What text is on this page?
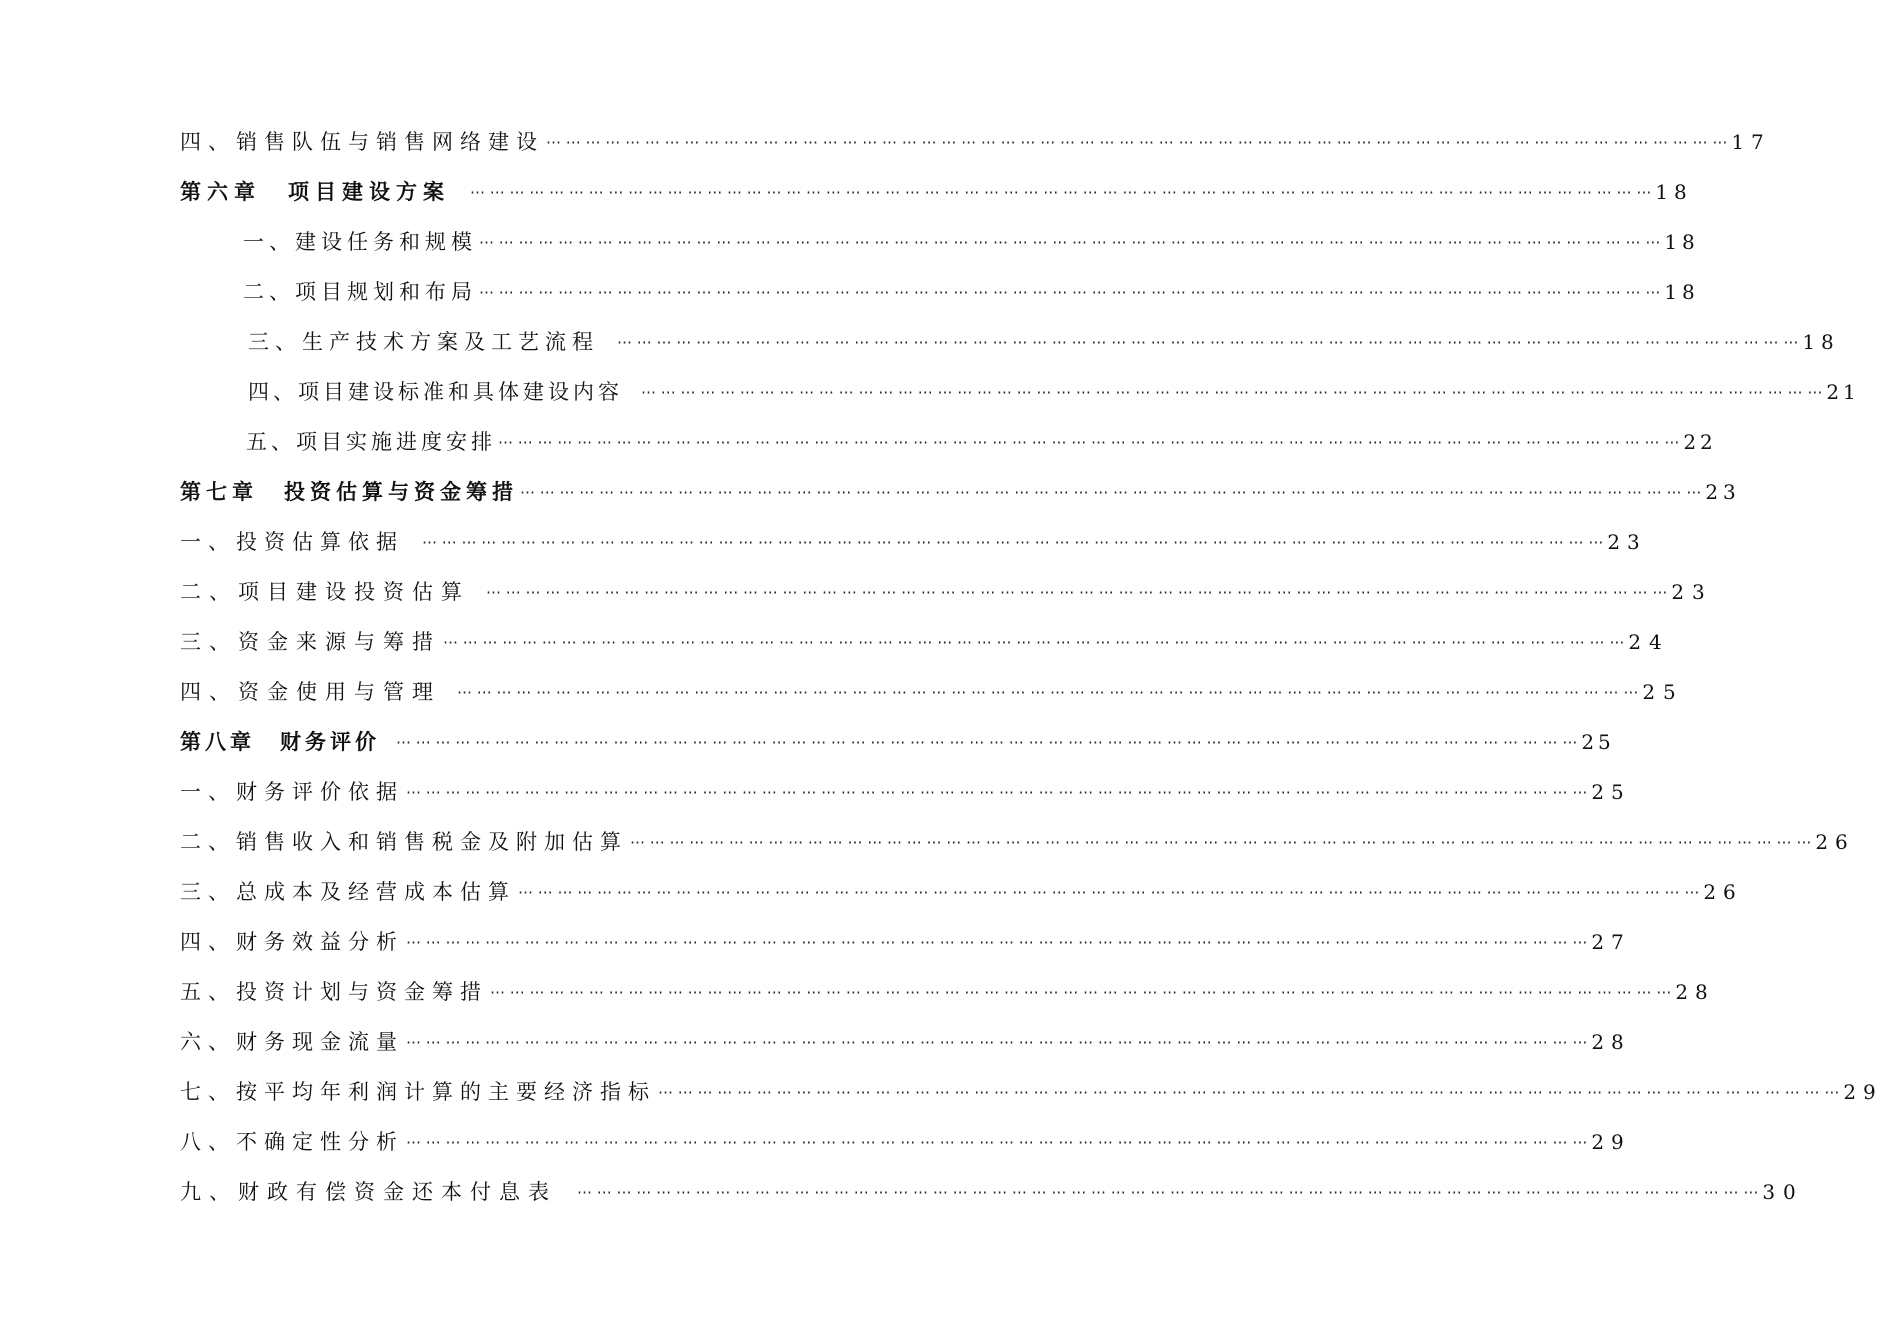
四、销售队伍与销售网络建设 ⋯ ⋯ ⋯ ⋯ ⋯ ⋯ ⋯ ⋯ ⋯ ⋯ ⋯ ⋯ ⋯ ⋯ ⋯ ⋯ ⋯ ⋯ ⋯ ⋯ ⋯ ⋯ ⋯ ⋯ ⋯ ⋯ ⋯ ⋯ ⋯ ⋯ ⋯ ⋯ ⋯ ⋯ ⋯ ⋯ ⋯ ⋯ ⋯ ⋯ ⋯ ⋯ ⋯ ⋯ ⋯ ⋯ ⋯ ⋯ ⋯ ⋯ ⋯ ⋯ ⋯ ⋯ ⋯ ⋯ ⋯ ⋯ ⋯ ⋯ 17
第六章　项目建设方案 ⋯ ⋯ ⋯ ⋯ ⋯ ⋯ ⋯ ⋯ ⋯ ⋯ ⋯ ⋯ ⋯ ⋯ ⋯ ⋯ ⋯ ⋯ ⋯ ⋯ ⋯ ⋯ ⋯ ⋯ ⋯ ⋯ ⋯ ⋯ ⋯ ⋯ ⋯ ⋯ ⋯ ⋯ ⋯ ⋯ ⋯ ⋯ ⋯ ⋯ ⋯ ⋯ ⋯ ⋯ ⋯ ⋯ ⋯ ⋯ ⋯ ⋯ ⋯ ⋯ ⋯ ⋯ ⋯ ⋯ ⋯ ⋯ ⋯ ⋯ 18
一、建设任务和规模 ⋯ ⋯ ⋯ ⋯ ⋯ ⋯ ⋯ ⋯ ⋯ ⋯ ⋯ ⋯ ⋯ ⋯ ⋯ ⋯ ⋯ ⋯ ⋯ ⋯ ⋯ ⋯ ⋯ ⋯ ⋯ ⋯ ⋯ ⋯ ⋯ ⋯ ⋯ ⋯ ⋯ ⋯ ⋯ ⋯ ⋯ ⋯ ⋯ ⋯ ⋯ ⋯ ⋯ ⋯ ⋯ ⋯ ⋯ ⋯ ⋯ ⋯ ⋯ ⋯ ⋯ ⋯ ⋯ ⋯ ⋯ ⋯ ⋯ ⋯ 18
二、项目规划和布局 ⋯ ⋯ ⋯ ⋯ ⋯ ⋯ ⋯ ⋯ ⋯ ⋯ ⋯ ⋯ ⋯ ⋯ ⋯ ⋯ ⋯ ⋯ ⋯ ⋯ ⋯ ⋯ ⋯ ⋯ ⋯ ⋯ ⋯ ⋯ ⋯ ⋯ ⋯ ⋯ ⋯ ⋯ ⋯ ⋯ ⋯ ⋯ ⋯ ⋯ ⋯ ⋯ ⋯ ⋯ ⋯ ⋯ ⋯ ⋯ ⋯ ⋯ ⋯ ⋯ ⋯ ⋯ ⋯ ⋯ ⋯ ⋯ ⋯ ⋯ 18
三、生产技术方案及工艺流程 ⋯ ⋯ ⋯ ⋯ ⋯ ⋯ ⋯ ⋯ ⋯ ⋯ ⋯ ⋯ ⋯ ⋯ ⋯ ⋯ ⋯ ⋯ ⋯ ⋯ ⋯ ⋯ ⋯ ⋯ ⋯ ⋯ ⋯ ⋯ ⋯ ⋯ ⋯ ⋯ ⋯ ⋯ ⋯ ⋯ ⋯ ⋯ ⋯ ⋯ ⋯ ⋯ ⋯ ⋯ ⋯ ⋯ ⋯ ⋯ ⋯ ⋯ ⋯ ⋯ ⋯ ⋯ ⋯ ⋯ ⋯ ⋯ ⋯ ⋯ 18
四、项目建设标准和具体建设内容 ⋯ ⋯ ⋯ ⋯ ⋯ ⋯ ⋯ ⋯ ⋯ ⋯ ⋯ ⋯ ⋯ ⋯ ⋯ ⋯ ⋯ ⋯ ⋯ ⋯ ⋯ ⋯ ⋯ ⋯ ⋯ ⋯ ⋯ ⋯ ⋯ ⋯ ⋯ ⋯ ⋯ ⋯ ⋯ ⋯ ⋯ ⋯ ⋯ ⋯ ⋯ ⋯ ⋯ ⋯ ⋯ ⋯ ⋯ ⋯ ⋯ ⋯ ⋯ ⋯ ⋯ ⋯ ⋯ ⋯ ⋯ ⋯ ⋯ ⋯ 21
五、项目实施进度安排 ⋯ ⋯ ⋯ ⋯ ⋯ ⋯ ⋯ ⋯ ⋯ ⋯ ⋯ ⋯ ⋯ ⋯ ⋯ ⋯ ⋯ ⋯ ⋯ ⋯ ⋯ ⋯ ⋯ ⋯ ⋯ ⋯ ⋯ ⋯ ⋯ ⋯ ⋯ ⋯ ⋯ ⋯ ⋯ ⋯ ⋯ ⋯ ⋯ ⋯ ⋯ ⋯ ⋯ ⋯ ⋯ ⋯ ⋯ ⋯ ⋯ ⋯ ⋯ ⋯ ⋯ ⋯ ⋯ ⋯ ⋯ ⋯ ⋯ ⋯ 22
第七章　投资估算与资金筹措 ⋯ ⋯ ⋯ ⋯ ⋯ ⋯ ⋯ ⋯ ⋯ ⋯ ⋯ ⋯ ⋯ ⋯ ⋯ ⋯ ⋯ ⋯ ⋯ ⋯ ⋯ ⋯ ⋯ ⋯ ⋯ ⋯ ⋯ ⋯ ⋯ ⋯ ⋯ ⋯ ⋯ ⋯ ⋯ ⋯ ⋯ ⋯ ⋯ ⋯ ⋯ ⋯ ⋯ ⋯ ⋯ ⋯ ⋯ ⋯ ⋯ ⋯ ⋯ ⋯ ⋯ ⋯ ⋯ ⋯ ⋯ ⋯ ⋯ ⋯ 23
一、投资估算依据 ⋯ ⋯ ⋯ ⋯ ⋯ ⋯ ⋯ ⋯ ⋯ ⋯ ⋯ ⋯ ⋯ ⋯ ⋯ ⋯ ⋯ ⋯ ⋯ ⋯ ⋯ ⋯ ⋯ ⋯ ⋯ ⋯ ⋯ ⋯ ⋯ ⋯ ⋯ ⋯ ⋯ ⋯ ⋯ ⋯ ⋯ ⋯ ⋯ ⋯ ⋯ ⋯ ⋯ ⋯ ⋯ ⋯ ⋯ ⋯ ⋯ ⋯ ⋯ ⋯ ⋯ ⋯ ⋯ ⋯ ⋯ ⋯ ⋯ ⋯ 23
二、项目建设投资估算 ⋯ ⋯ ⋯ ⋯ ⋯ ⋯ ⋯ ⋯ ⋯ ⋯ ⋯ ⋯ ⋯ ⋯ ⋯ ⋯ ⋯ ⋯ ⋯ ⋯ ⋯ ⋯ ⋯ ⋯ ⋯ ⋯ ⋯ ⋯ ⋯ ⋯ ⋯ ⋯ ⋯ ⋯ ⋯ ⋯ ⋯ ⋯ ⋯ ⋯ ⋯ ⋯ ⋯ ⋯ ⋯ ⋯ ⋯ ⋯ ⋯ ⋯ ⋯ ⋯ ⋯ ⋯ ⋯ ⋯ ⋯ ⋯ ⋯ ⋯ 23
三、资金来源与筹措 ⋯ ⋯ ⋯ ⋯ ⋯ ⋯ ⋯ ⋯ ⋯ ⋯ ⋯ ⋯ ⋯ ⋯ ⋯ ⋯ ⋯ ⋯ ⋯ ⋯ ⋯ ⋯ ⋯ ⋯ ⋯ ⋯ ⋯ ⋯ ⋯ ⋯ ⋯ ⋯ ⋯ ⋯ ⋯ ⋯ ⋯ ⋯ ⋯ ⋯ ⋯ ⋯ ⋯ ⋯ ⋯ ⋯ ⋯ ⋯ ⋯ ⋯ ⋯ ⋯ ⋯ ⋯ ⋯ ⋯ ⋯ ⋯ ⋯ ⋯ 24
四、资金使用与管理 ⋯ ⋯ ⋯ ⋯ ⋯ ⋯ ⋯ ⋯ ⋯ ⋯ ⋯ ⋯ ⋯ ⋯ ⋯ ⋯ ⋯ ⋯ ⋯ ⋯ ⋯ ⋯ ⋯ ⋯ ⋯ ⋯ ⋯ ⋯ ⋯ ⋯ ⋯ ⋯ ⋯ ⋯ ⋯ ⋯ ⋯ ⋯ ⋯ ⋯ ⋯ ⋯ ⋯ ⋯ ⋯ ⋯ ⋯ ⋯ ⋯ ⋯ ⋯ ⋯ ⋯ ⋯ ⋯ ⋯ ⋯ ⋯ ⋯ ⋯ 25
第八章　财务评价 ⋯ ⋯ ⋯ ⋯ ⋯ ⋯ ⋯ ⋯ ⋯ ⋯ ⋯ ⋯ ⋯ ⋯ ⋯ ⋯ ⋯ ⋯ ⋯ ⋯ ⋯ ⋯ ⋯ ⋯ ⋯ ⋯ ⋯ ⋯ ⋯ ⋯ ⋯ ⋯ ⋯ ⋯ ⋯ ⋯ ⋯ ⋯ ⋯ ⋯ ⋯ ⋯ ⋯ ⋯ ⋯ ⋯ ⋯ ⋯ ⋯ ⋯ ⋯ ⋯ ⋯ ⋯ ⋯ ⋯ ⋯ ⋯ ⋯ ⋯ 25
一、财务评价依据 ⋯ ⋯ ⋯ ⋯ ⋯ ⋯ ⋯ ⋯ ⋯ ⋯ ⋯ ⋯ ⋯ ⋯ ⋯ ⋯ ⋯ ⋯ ⋯ ⋯ ⋯ ⋯ ⋯ ⋯ ⋯ ⋯ ⋯ ⋯ ⋯ ⋯ ⋯ ⋯ ⋯ ⋯ ⋯ ⋯ ⋯ ⋯ ⋯ ⋯ ⋯ ⋯ ⋯ ⋯ ⋯ ⋯ ⋯ ⋯ ⋯ ⋯ ⋯ ⋯ ⋯ ⋯ ⋯ ⋯ ⋯ ⋯ ⋯ ⋯ 25
二、销售收入和销售税金及附加估算 ⋯ ⋯ ⋯ ⋯ ⋯ ⋯ ⋯ ⋯ ⋯ ⋯ ⋯ ⋯ ⋯ ⋯ ⋯ ⋯ ⋯ ⋯ ⋯ ⋯ ⋯ ⋯ ⋯ ⋯ ⋯ ⋯ ⋯ ⋯ ⋯ ⋯ ⋯ ⋯ ⋯ ⋯ ⋯ ⋯ ⋯ ⋯ ⋯ ⋯ ⋯ ⋯ ⋯ ⋯ ⋯ ⋯ ⋯ ⋯ ⋯ ⋯ ⋯ ⋯ ⋯ ⋯ ⋯ ⋯ ⋯ ⋯ ⋯ ⋯ 26
三、总成本及经营成本估算 ⋯ ⋯ ⋯ ⋯ ⋯ ⋯ ⋯ ⋯ ⋯ ⋯ ⋯ ⋯ ⋯ ⋯ ⋯ ⋯ ⋯ ⋯ ⋯ ⋯ ⋯ ⋯ ⋯ ⋯ ⋯ ⋯ ⋯ ⋯ ⋯ ⋯ ⋯ ⋯ ⋯ ⋯ ⋯ ⋯ ⋯ ⋯ ⋯ ⋯ ⋯ ⋯ ⋯ ⋯ ⋯ ⋯ ⋯ ⋯ ⋯ ⋯ ⋯ ⋯ ⋯ ⋯ ⋯ ⋯ ⋯ ⋯ ⋯ ⋯ 26
四、财务效益分析 ⋯ ⋯ ⋯ ⋯ ⋯ ⋯ ⋯ ⋯ ⋯ ⋯ ⋯ ⋯ ⋯ ⋯ ⋯ ⋯ ⋯ ⋯ ⋯ ⋯ ⋯ ⋯ ⋯ ⋯ ⋯ ⋯ ⋯ ⋯ ⋯ ⋯ ⋯ ⋯ ⋯ ⋯ ⋯ ⋯ ⋯ ⋯ ⋯ ⋯ ⋯ ⋯ ⋯ ⋯ ⋯ ⋯ ⋯ ⋯ ⋯ ⋯ ⋯ ⋯ ⋯ ⋯ ⋯ ⋯ ⋯ ⋯ ⋯ ⋯ 27
五、投资计划与资金筹措 ⋯ ⋯ ⋯ ⋯ ⋯ ⋯ ⋯ ⋯ ⋯ ⋯ ⋯ ⋯ ⋯ ⋯ ⋯ ⋯ ⋯ ⋯ ⋯ ⋯ ⋯ ⋯ ⋯ ⋯ ⋯ ⋯ ⋯ ⋯ ⋯ ⋯ ⋯ ⋯ ⋯ ⋯ ⋯ ⋯ ⋯ ⋯ ⋯ ⋯ ⋯ ⋯ ⋯ ⋯ ⋯ ⋯ ⋯ ⋯ ⋯ ⋯ ⋯ ⋯ ⋯ ⋯ ⋯ ⋯ ⋯ ⋯ ⋯ ⋯ 28
六、财务现金流量 ⋯ ⋯ ⋯ ⋯ ⋯ ⋯ ⋯ ⋯ ⋯ ⋯ ⋯ ⋯ ⋯ ⋯ ⋯ ⋯ ⋯ ⋯ ⋯ ⋯ ⋯ ⋯ ⋯ ⋯ ⋯ ⋯ ⋯ ⋯ ⋯ ⋯ ⋯ ⋯ ⋯ ⋯ ⋯ ⋯ ⋯ ⋯ ⋯ ⋯ ⋯ ⋯ ⋯ ⋯ ⋯ ⋯ ⋯ ⋯ ⋯ ⋯ ⋯ ⋯ ⋯ ⋯ ⋯ ⋯ ⋯ ⋯ ⋯ ⋯ 28
七、按平均年利润计算的主要经济指标 ⋯ ⋯ ⋯ ⋯ ⋯ ⋯ ⋯ ⋯ ⋯ ⋯ ⋯ ⋯ ⋯ ⋯ ⋯ ⋯ ⋯ ⋯ ⋯ ⋯ ⋯ ⋯ ⋯ ⋯ ⋯ ⋯ ⋯ ⋯ ⋯ ⋯ ⋯ ⋯ ⋯ ⋯ ⋯ ⋯ ⋯ ⋯ ⋯ ⋯ ⋯ ⋯ ⋯ ⋯ ⋯ ⋯ ⋯ ⋯ ⋯ ⋯ ⋯ ⋯ ⋯ ⋯ ⋯ ⋯ ⋯ ⋯ ⋯ ⋯ 29
八、不确定性分析 ⋯ ⋯ ⋯ ⋯ ⋯ ⋯ ⋯ ⋯ ⋯ ⋯ ⋯ ⋯ ⋯ ⋯ ⋯ ⋯ ⋯ ⋯ ⋯ ⋯ ⋯ ⋯ ⋯ ⋯ ⋯ ⋯ ⋯ ⋯ ⋯ ⋯ ⋯ ⋯ ⋯ ⋯ ⋯ ⋯ ⋯ ⋯ ⋯ ⋯ ⋯ ⋯ ⋯ ⋯ ⋯ ⋯ ⋯ ⋯ ⋯ ⋯ ⋯ ⋯ ⋯ ⋯ ⋯ ⋯ ⋯ ⋯ ⋯ ⋯ 29
九、财政有偿资金还本付息表 ⋯ ⋯ ⋯ ⋯ ⋯ ⋯ ⋯ ⋯ ⋯ ⋯ ⋯ ⋯ ⋯ ⋯ ⋯ ⋯ ⋯ ⋯ ⋯ ⋯ ⋯ ⋯ ⋯ ⋯ ⋯ ⋯ ⋯ ⋯ ⋯ ⋯ ⋯ ⋯ ⋯ ⋯ ⋯ ⋯ ⋯ ⋯ ⋯ ⋯ ⋯ ⋯ ⋯ ⋯ ⋯ ⋯ ⋯ ⋯ ⋯ ⋯ ⋯ ⋯ ⋯ ⋯ ⋯ ⋯ ⋯ ⋯ ⋯ ⋯ 30
